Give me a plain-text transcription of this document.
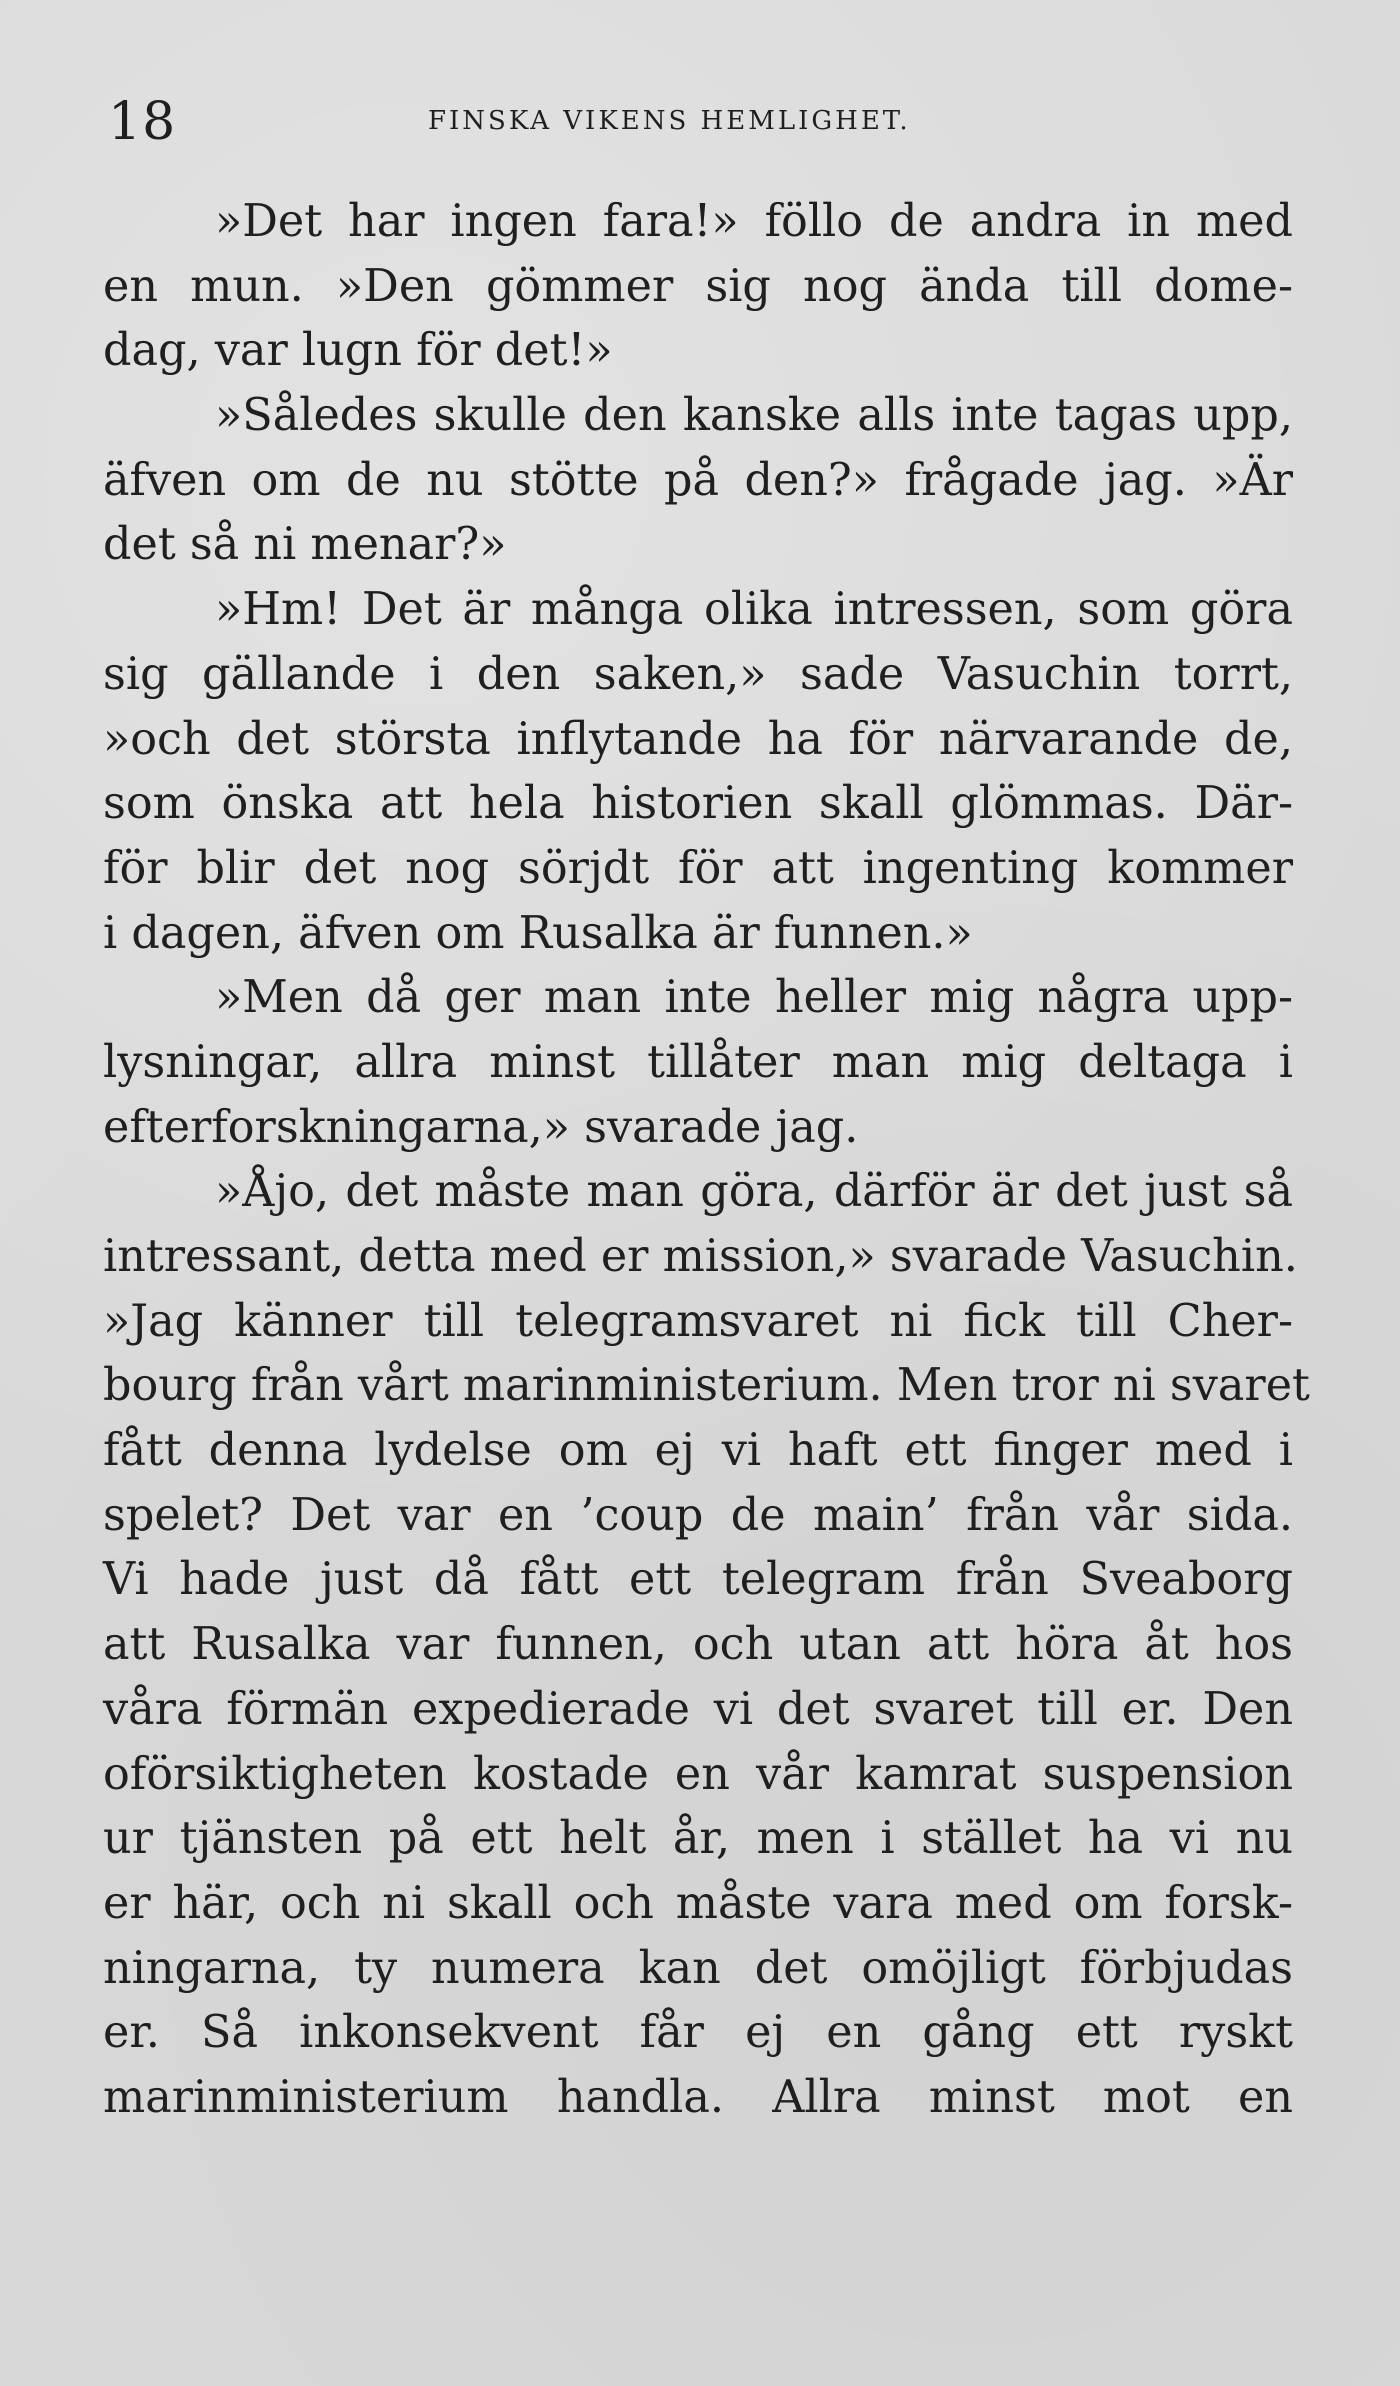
18	FINSKA VIKENS HEMLIGHET.
»Det har ingen fara!» föllo de andra in med
en mun. »Den gömmer sig nog ända till dome-
dag, var lugn för det!»
»Således skulle den kanske alls inte tagas upp,
äfven om de nu stötte på den?» frågade jag. »Är
det så ni menar?»
»Hm! Det är många olika intressen, som göra
sig gällande i den saken,» sade Vasuchin torrt,
»och det största inflytande ha för närvarande de,
som önska att hela historien skall glömmas. Där-
för blir det nog sörjdt för att ingenting kommer
i dagen, äfven om Rusalka är funnen.»
»Men då ger man inte heller mig några upp-
lysningar, allra minst tillåter man mig deltaga i
efterforskningarna,» svarade jag.
»Åjo, det måste man göra, därför är det just så
intressant, detta med er mission,» svarade Vasuchin.
»Jag känner till telegramsvaret ni fick till Cher-
bourg från vårt marinministerium. Men tror ni svaret
fått denna lydelse om ej vi haft ett finger med i
spelet? Det var en ’coup de main’ från vår sida.
Vi hade just då fått ett telegram från Sveaborg
att Rusalka var funnen, och utan att höra åt hos
våra förmän expedierade vi det svaret till er. Den
oförsiktigheten kostade en vår kamrat suspension
ur tjänsten på ett helt år, men i stället ha vi nu
er här, och ni skall och måste vara med om forsk-
ningarna, ty numera kan det omöjligt förbjudas
er. Så inkonsekvent får ej en gång ett ryskt
marinministerium handla. Allra minst mot en
